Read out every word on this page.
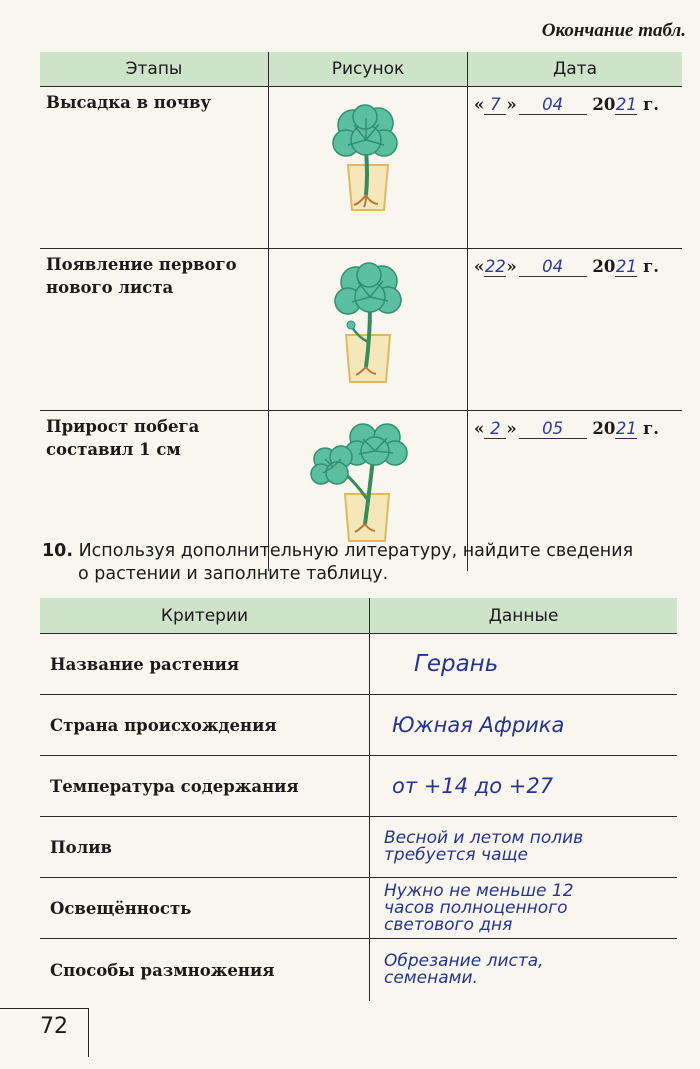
Окончание табл.
Этапы	Рисунок	Дата
Высадка в почву		« 7 » 04 2021 г.
Появление первого нового листа		«22» 04 2021 г.
Прирост побега составил 1 см		« 2 » 05 2021 г.
10. Используя дополнительную литературу, найдите сведения
о растении и заполните таблицу.
Критерии	Данные
Название растения	Герань

Страна происхождения	Южная Африка

Температура содержания	от +14 до +27

Полив	Весной и летом полив
требуется чаще

Освещённость	Нужно не меньше 12
часов полноценного
светового дня

Способы размножения	Обрезание листа,
семенами.
72
